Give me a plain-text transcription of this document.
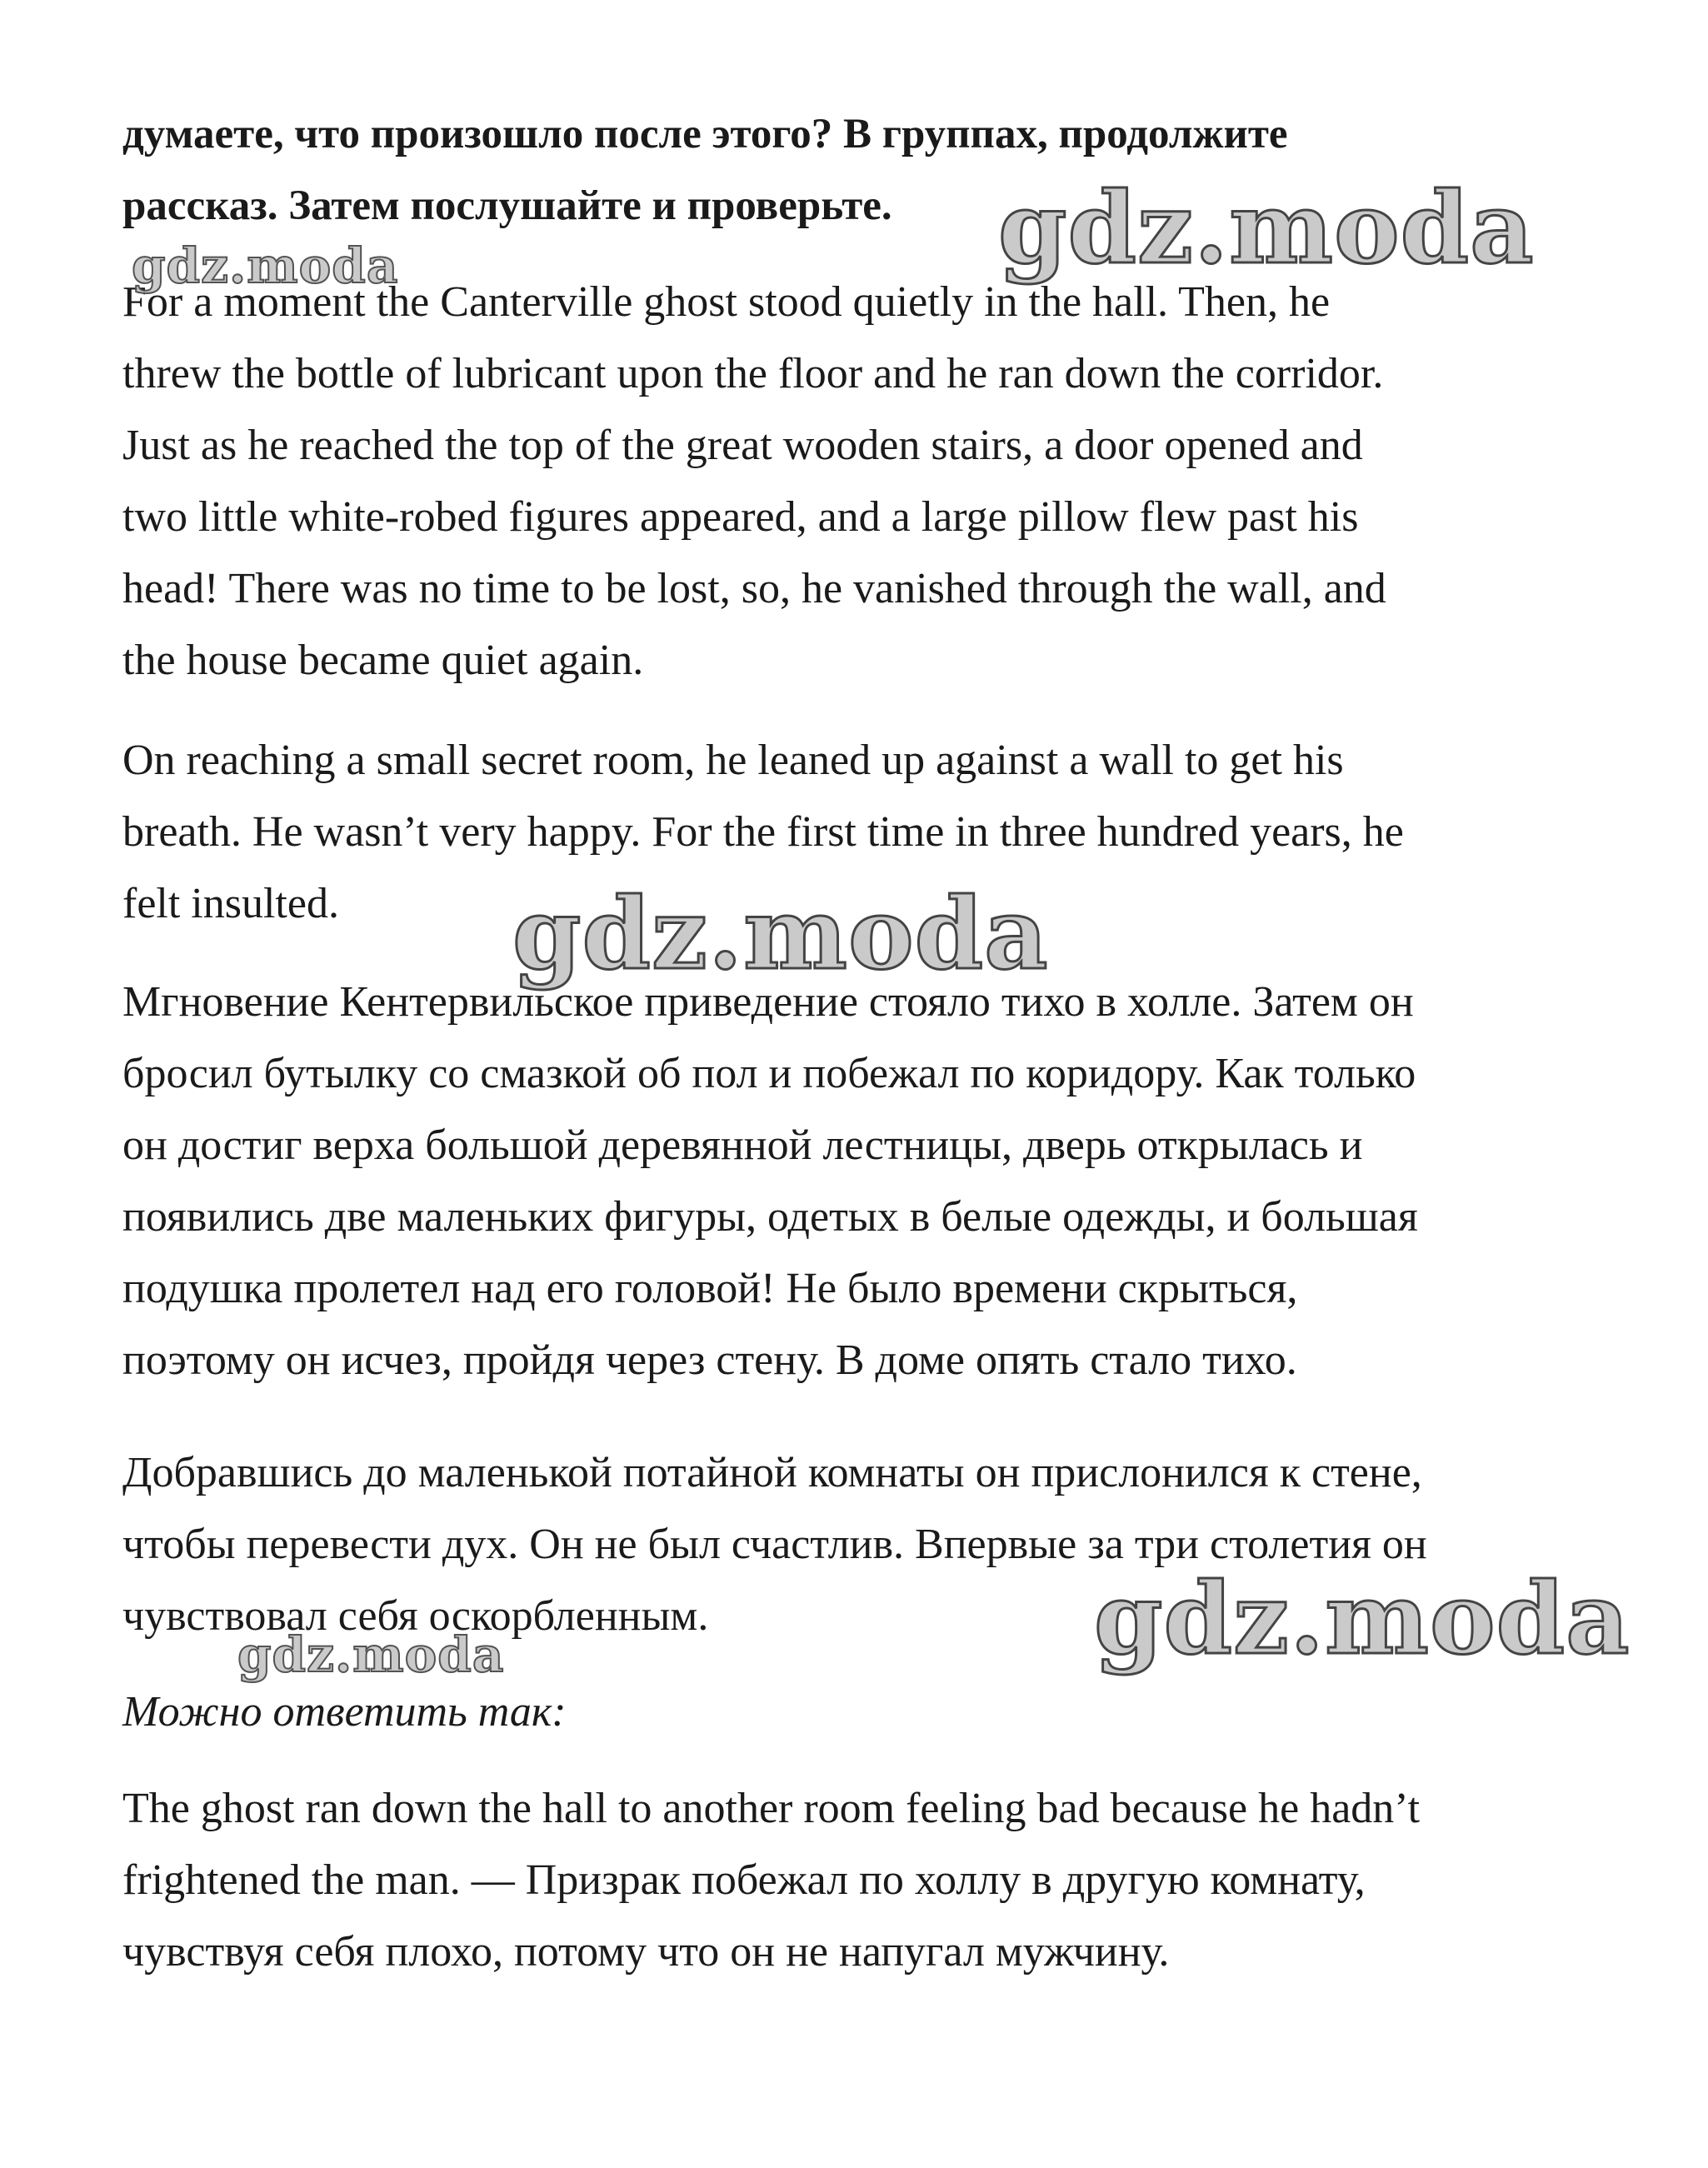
думаете, что произошло после этого? В группах, продолжите
рассказ. Затем послушайте и проверьте.

For a moment the Canterville ghost stood quietly in the hall. Then, he
threw the bottle of lubricant upon the floor and he ran down the corridor.
Just as he reached the top of the great wooden stairs, a door opened and
two little white-robed figures appeared, and a large pillow flew past his
head! There was no time to be lost, so, he vanished through the wall, and
the house became quiet again.

On reaching a small secret room, he leaned up against a wall to get his
breath. He wasn’t very happy. For the first time in three hundred years, he
felt insulted.

Мгновение Кентервильское приведение стояло тихо в холле. Затем он
бросил бутылку со смазкой об пол и побежал по коридору. Как только
он достиг верха большой деревянной лестницы, дверь открылась и
появились две маленьких фигуры, одетых в белые одежды, и большая
подушка пролетел над его головой! Не было времени скрыться,
поэтому он исчез, пройдя через стену. В доме опять стало тихо.

Добравшись до маленькой потайной комнаты он прислонился к стене,
чтобы перевести дух. Он не был счастлив. Впервые за три столетия он
чувствовал себя оскорбленным.

Можно ответить так:

The ghost ran down the hall to another room feeling bad because he hadn’t
frightened the man. — Призрак побежал по холлу в другую комнату,
чувствуя себя плохо, потому что он не напугал мужчину.

gdz.moda
gdz.moda
gdz.moda
gdz.moda
gdz.moda
